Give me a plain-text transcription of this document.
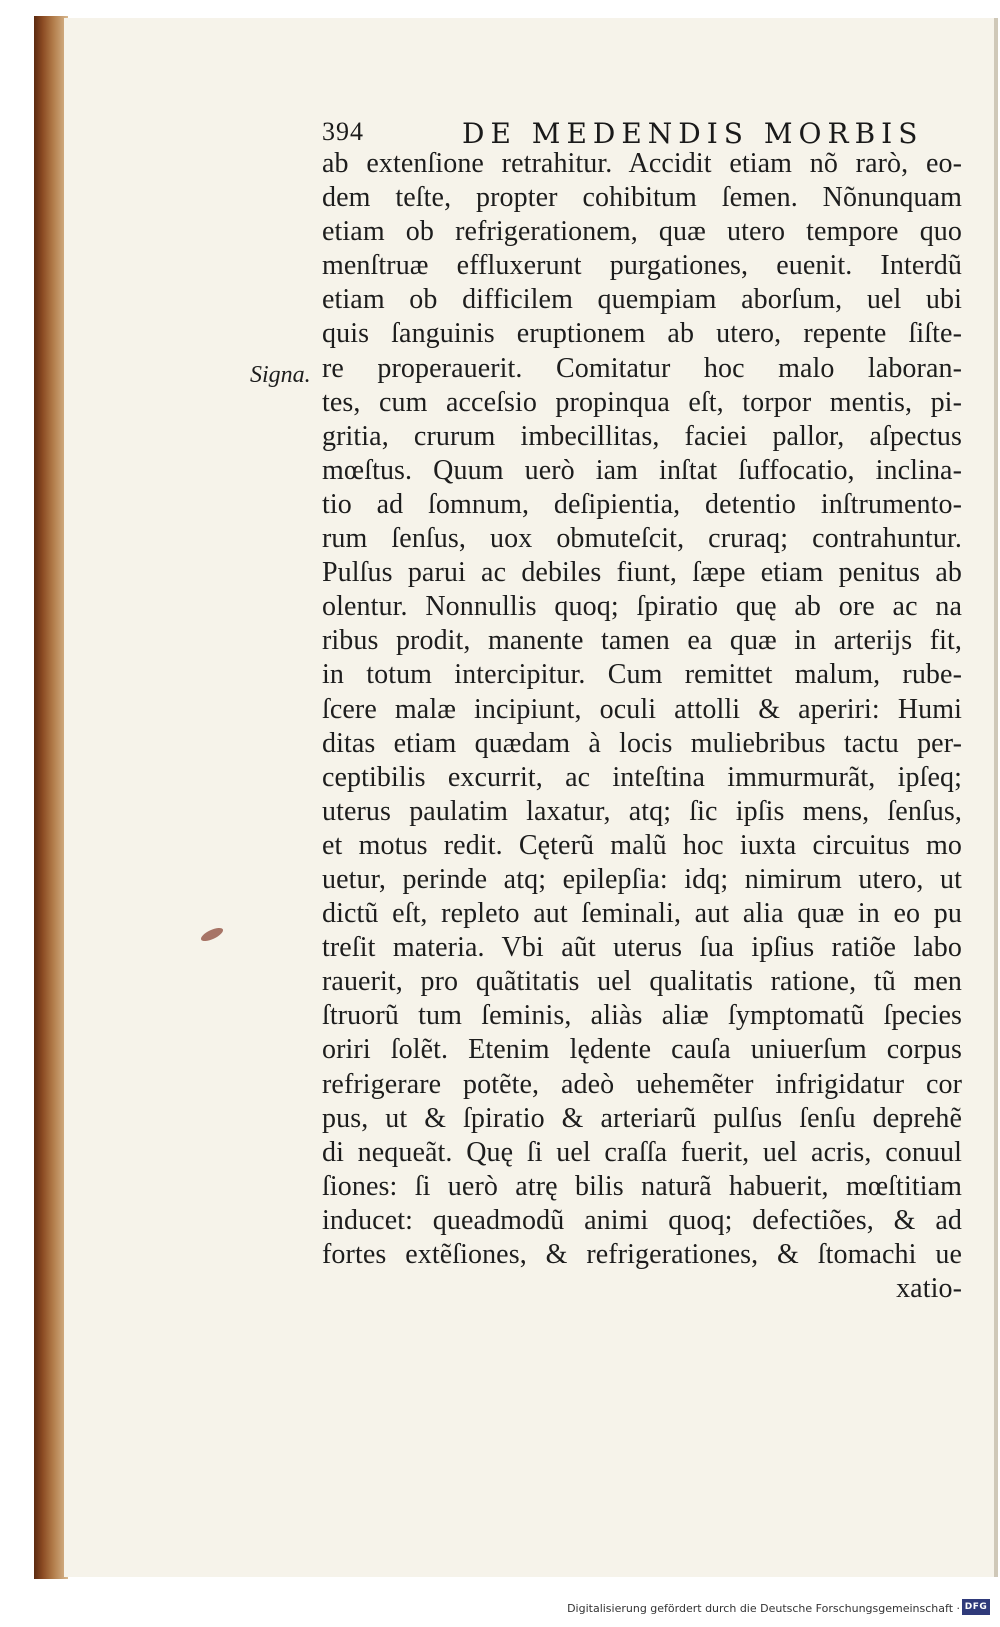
394	DE MEDENDIS MORBIS
Signa.
ab extenſione retrahitur. Accidit etiam nõ rarò, eo-
dem teſte, propter cohibitum ſemen. Nõnunquam
etiam ob refrigerationem, quæ utero tempore quo
menſtruæ effluxerunt purgationes, euenit. Interdũ
etiam ob difficilem quempiam aborſum, uel ubi
quis ſanguinis eruptionem ab utero, repente ſiſte-
re properauerit. Comitatur hoc malo laboran-
tes, cum acceſsio propinqua eſt, torpor mentis, pi-
gritia, crurum imbecillitas, faciei pallor, aſpectus
mœſtus. Quum uerò iam inſtat ſuffocatio, inclina-
tio ad ſomnum, deſipientia, detentio inſtrumento-
rum ſenſus, uox obmuteſcit, cruraq; contrahuntur.
Pulſus parui ac debiles fiunt, ſæpe etiam penitus ab
olentur. Nonnullis quoq; ſpiratio quę ab ore ac na
ribus prodit, manente tamen ea quæ in arterijs fit,
in totum intercipitur. Cum remittet malum, rube-
ſcere malæ incipiunt, oculi attolli & aperiri: Humi
ditas etiam quædam à locis muliebribus tactu per-
ceptibilis excurrit, ac inteſtina immurmurãt, ipſeq;
uterus paulatim laxatur, atq; ſic ipſis mens, ſenſus,
et motus redit. Cęterũ malũ hoc iuxta circuitus mo
uetur, perinde atq; epilepſia: idq; nimirum utero, ut
dictũ eſt, repleto aut ſeminali, aut alia quæ in eo pu
treſit materia. Vbi aũt uterus ſua ipſius ratiõe labo
rauerit, pro quãtitatis uel qualitatis ratione, tũ men
ſtruorũ tum ſeminis, aliàs aliæ ſymptomatũ ſpecies
oriri ſolẽt. Etenim lędente cauſa uniuerſum corpus
refrigerare potẽte, adeò uehemẽter infrigidatur cor
pus, ut & ſpiratio & arteriarũ pulſus ſenſu deprehẽ
di nequeãt. Quę ſi uel craſſa fuerit, uel acris, conuul
ſiones: ſi uerò atrę bilis naturã habuerit, mœſtitiam
inducet: queadmodũ animi quoq; defectiões, & ad
fortes extẽſiones, & refrigerationes, & ſtomachi ue
xatio-
Digitalisierung gefördert durch die Deutsche Forschungsgemeinschaft · DFG
